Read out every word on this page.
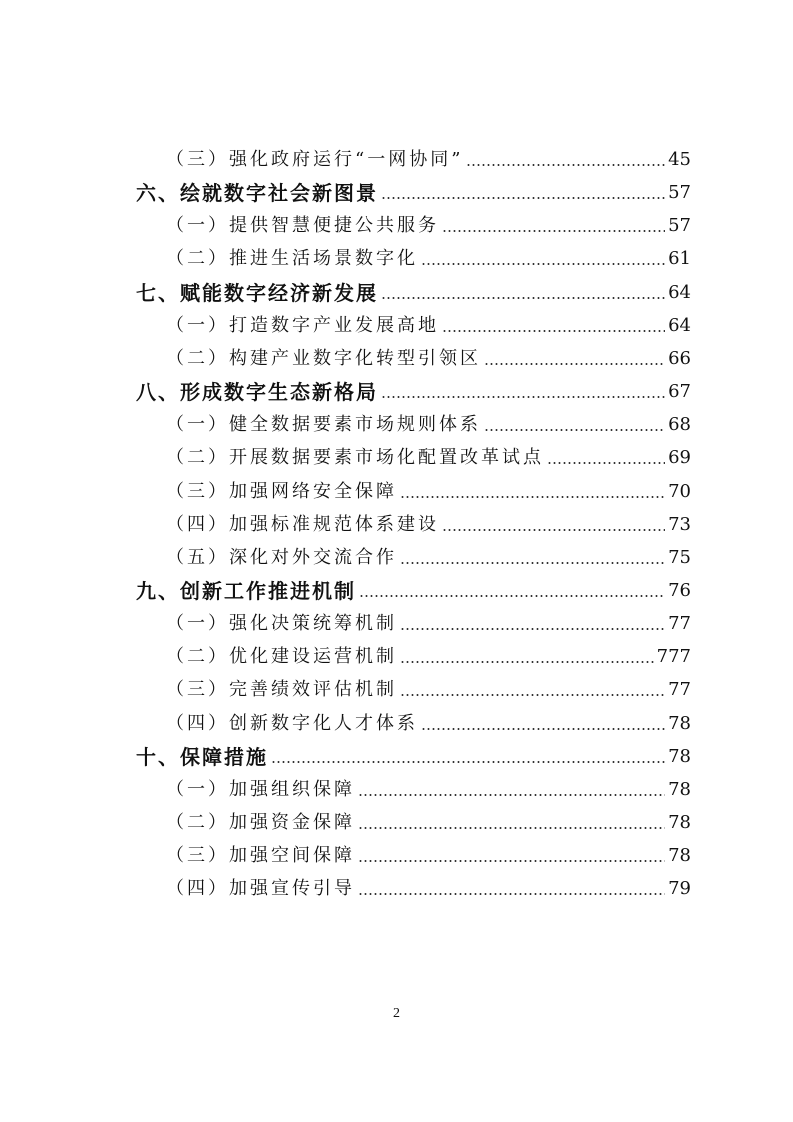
（三）强化政府运行“一网协同”	45
六、绘就数字社会新图景	57
（一）提供智慧便捷公共服务	57
（二）推进生活场景数字化	61
七、赋能数字经济新发展	64
（一）打造数字产业发展高地	64
（二）构建产业数字化转型引领区	66
八、形成数字生态新格局	67
（一）健全数据要素市场规则体系	68
（二）开展数据要素市场化配置改革试点	69
（三）加强网络安全保障	70
（四）加强标准规范体系建设	73
（五）深化对外交流合作	75
九、创新工作推进机制	76
（一）强化决策统筹机制	77
（二）优化建设运营机制	777
（三）完善绩效评估机制	77
（四）创新数字化人才体系	78
十、保障措施	78
（一）加强组织保障	78
（二）加强资金保障	78
（三）加强空间保障	78
（四）加强宣传引导	79
2
